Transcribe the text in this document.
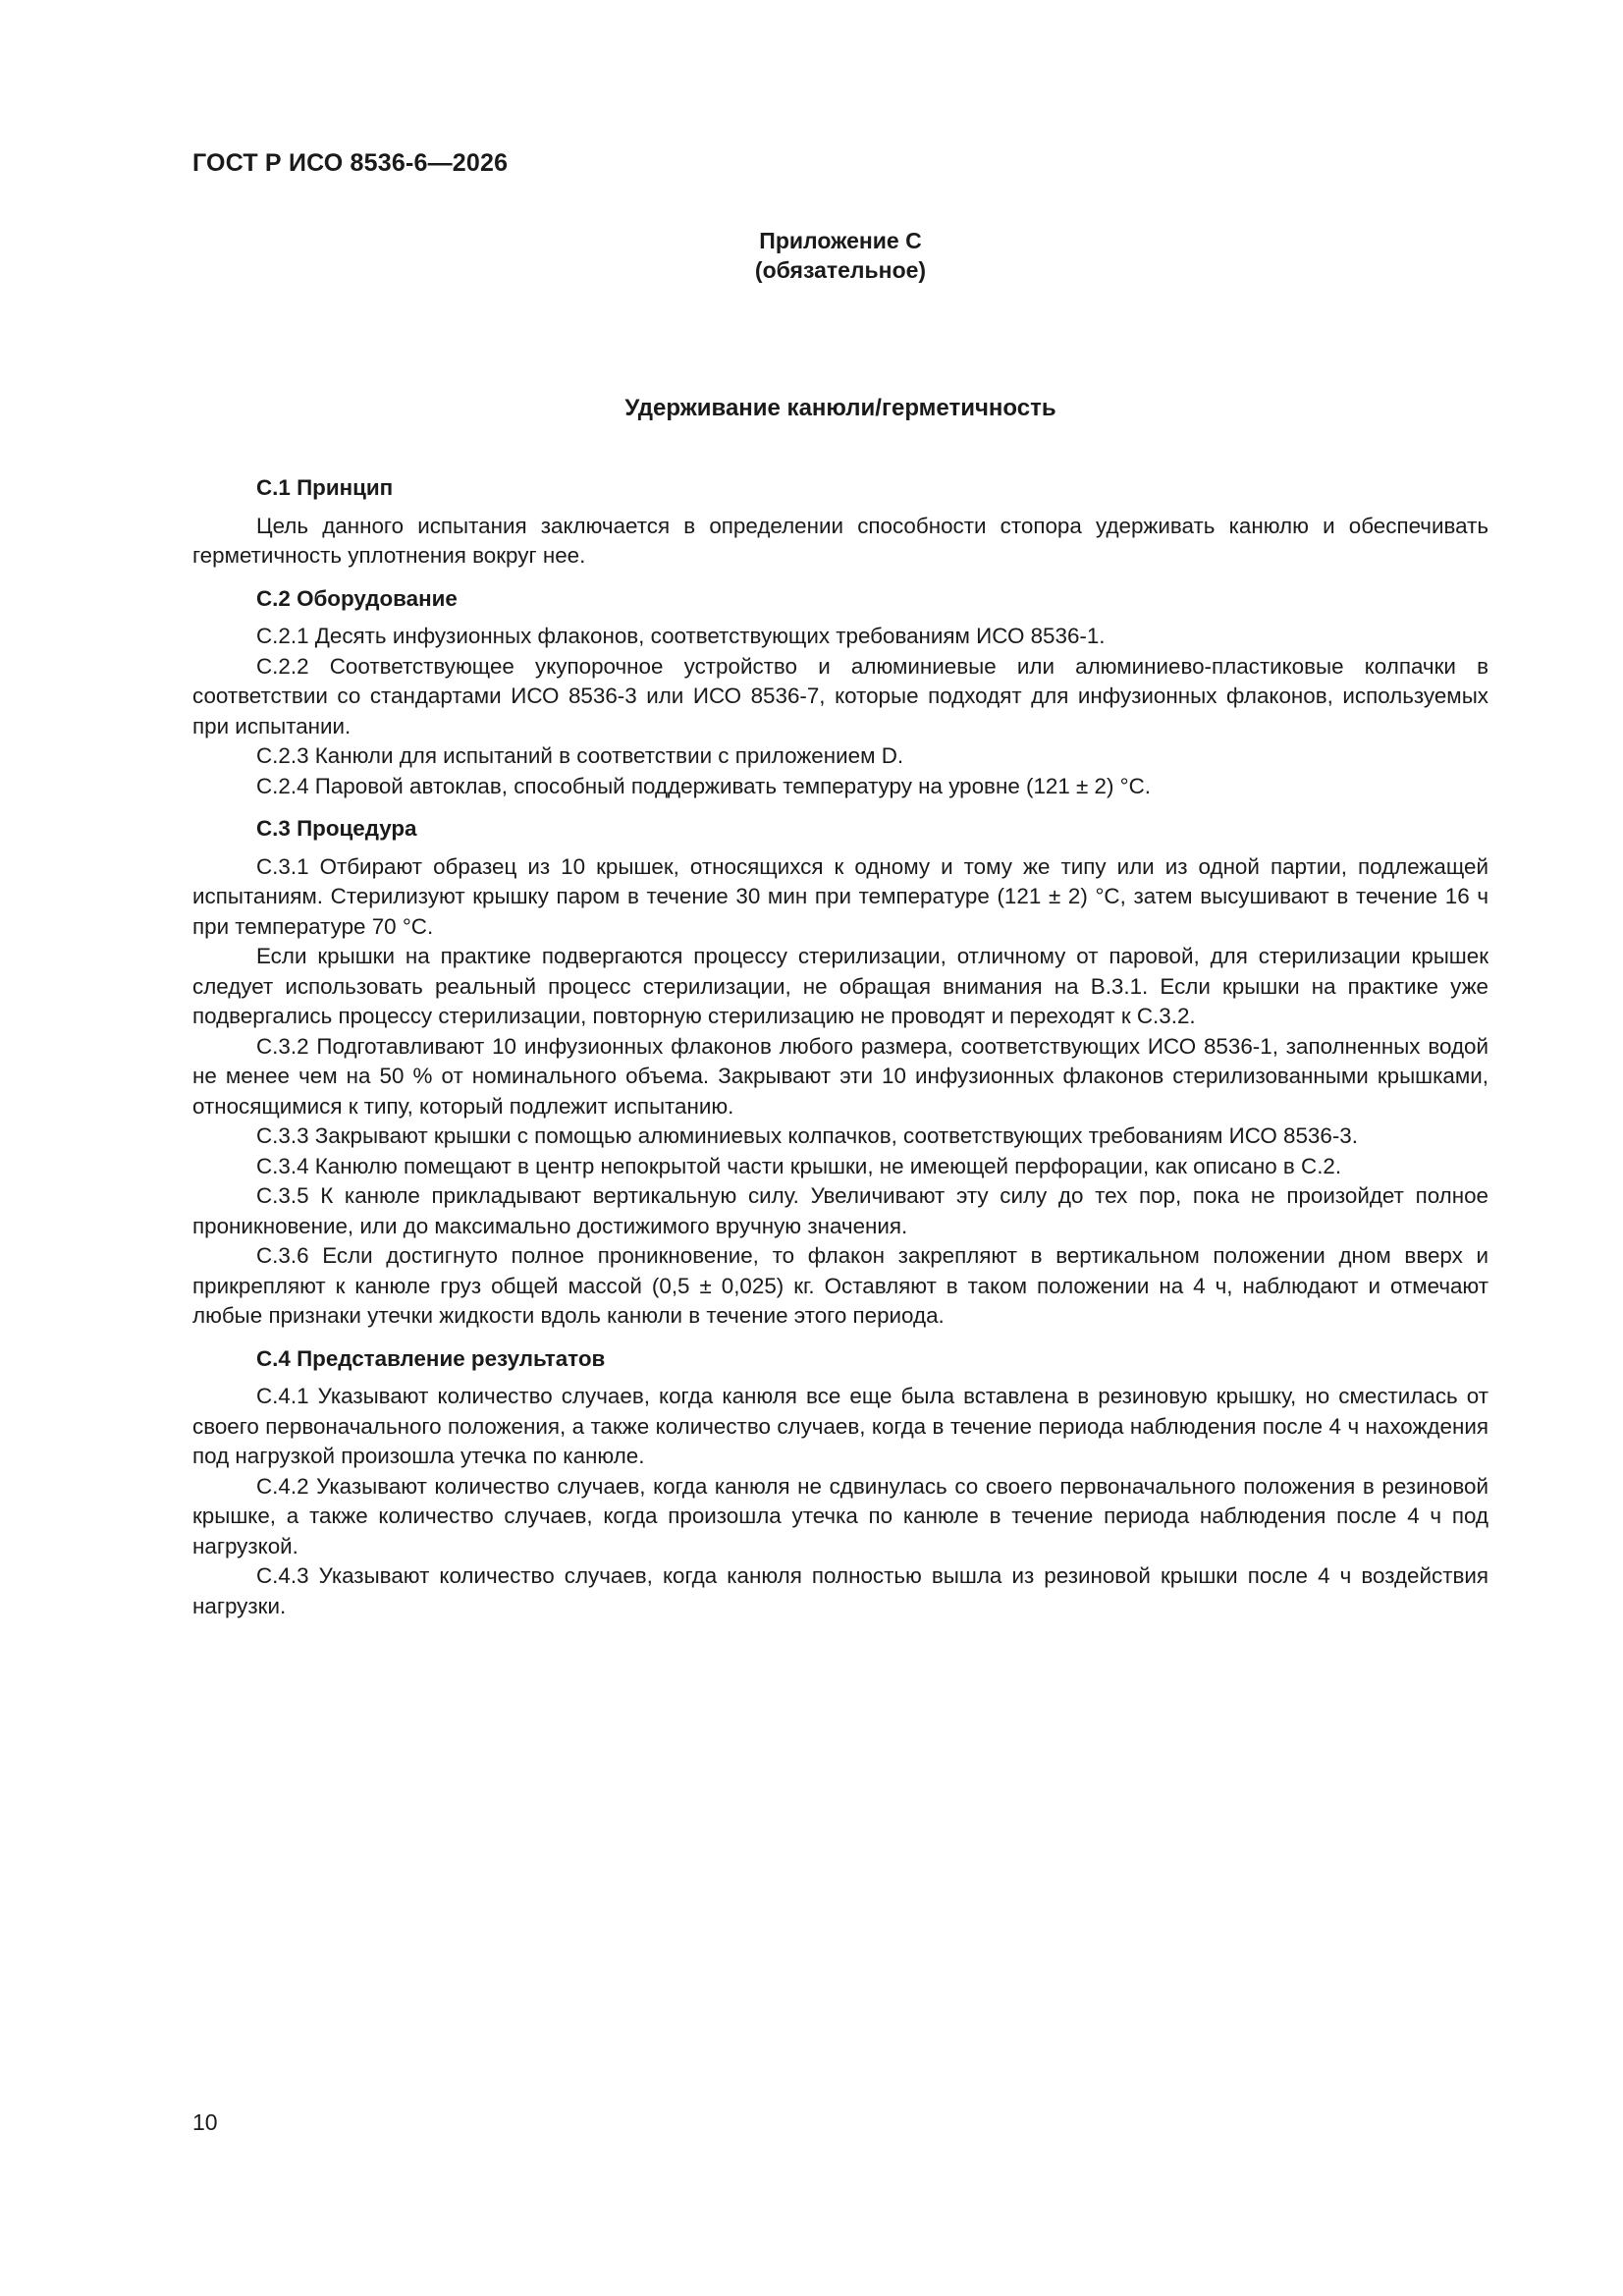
ГОСТ Р ИСО 8536-6—2026
Приложение С
(обязательное)
Удерживание канюли/герметичность
С.1 Принцип

Цель данного испытания заключается в определении способности стопора удерживать канюлю и обеспечивать герметичность уплотнения вокруг нее.

С.2 Оборудование

С.2.1 Десять инфузионных флаконов, соответствующих требованиям ИСО 8536-1.

С.2.2 Соответствующее укупорочное устройство и алюминиевые или алюминиево-пластиковые колпачки в соответствии со стандартами ИСО 8536-3 или ИСО 8536-7, которые подходят для инфузионных флаконов, используемых при испытании.

С.2.3 Канюли для испытаний в соответствии с приложением D.

С.2.4 Паровой автоклав, способный поддерживать температуру на уровне (121 ± 2) °С.

С.3 Процедура

С.3.1 Отбирают образец из 10 крышек, относящихся к одному и тому же типу или из одной партии, подлежащей испытаниям. Стерилизуют крышку паром в течение 30 мин при температуре (121 ± 2) °С, затем высушивают в течение 16 ч при температуре 70 °С.

Если крышки на практике подвергаются процессу стерилизации, отличному от паровой, для стерилизации крышек следует использовать реальный процесс стерилизации, не обращая внимания на В.3.1. Если крышки на практике уже подвергались процессу стерилизации, повторную стерилизацию не проводят и переходят к С.3.2.

С.3.2 Подготавливают 10 инфузионных флаконов любого размера, соответствующих ИСО 8536-1, заполненных водой не менее чем на 50 % от номинального объема. Закрывают эти 10 инфузионных флаконов стерилизованными крышками, относящимися к типу, который подлежит испытанию.

С.3.3 Закрывают крышки с помощью алюминиевых колпачков, соответствующих требованиям ИСО 8536-3.

С.3.4 Канюлю помещают в центр непокрытой части крышки, не имеющей перфорации, как описано в С.2.

С.3.5 К канюле прикладывают вертикальную силу. Увеличивают эту силу до тех пор, пока не произойдет полное проникновение, или до максимально достижимого вручную значения.

С.3.6 Если достигнуто полное проникновение, то флакон закрепляют в вертикальном положении дном вверх и прикрепляют к канюле груз общей массой (0,5 ± 0,025) кг. Оставляют в таком положении на 4 ч, наблюдают и отмечают любые признаки утечки жидкости вдоль канюли в течение этого периода.

С.4 Представление результатов

С.4.1 Указывают количество случаев, когда канюля все еще была вставлена в резиновую крышку, но сместилась от своего первоначального положения, а также количество случаев, когда в течение периода наблюдения после 4 ч нахождения под нагрузкой произошла утечка по канюле.

С.4.2 Указывают количество случаев, когда канюля не сдвинулась со своего первоначального положения в резиновой крышке, а также количество случаев, когда произошла утечка по канюле в течение периода наблюдения после 4 ч под нагрузкой.

С.4.3 Указывают количество случаев, когда канюля полностью вышла из резиновой крышки после 4 ч воздействия нагрузки.

10
